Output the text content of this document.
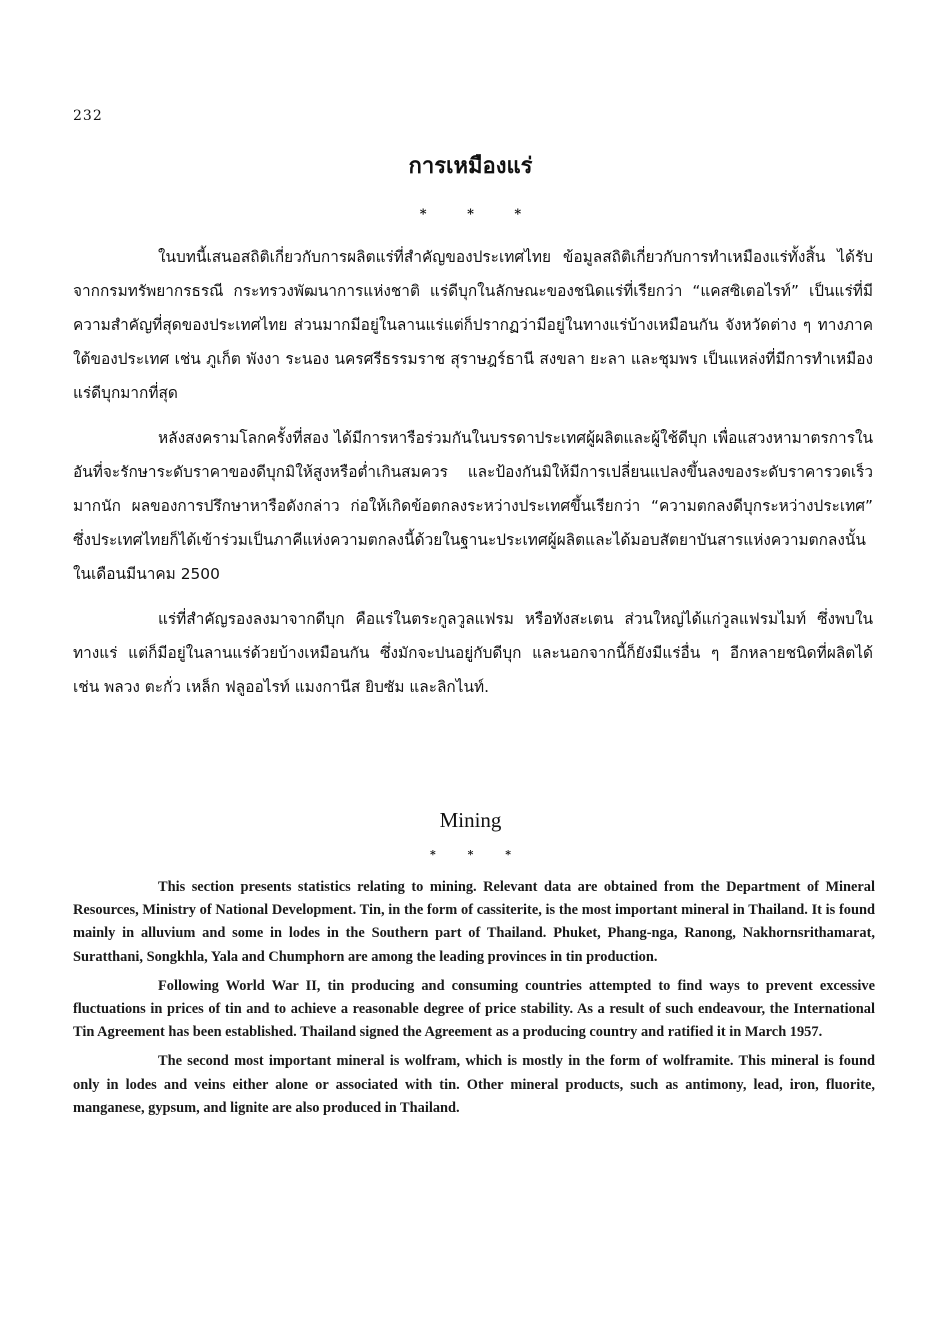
232
การเหมืองแร่
* * *

ในบทนี้เสนอสถิติเกี่ยวกับการผลิตแร่ที่สำคัญของประเทศไทย ข้อมูลสถิติเกี่ยวกับการทำเหมืองแร่ทั้งสิ้น ได้รับจากกรมทรัพยากรธรณี กระทรวงพัฒนาการแห่งชาติ แร่ดีบุกในลักษณะของชนิดแร่ที่เรียกว่า “แคสซิเตอไรท์” เป็นแร่ที่มีความสำคัญที่สุดของประเทศไทย ส่วนมากมีอยู่ในลานแร่แต่ก็ปรากฏว่ามีอยู่ในทางแร่บ้างเหมือนกัน จังหวัดต่าง ๆ ทางภาคใต้ของประเทศ เช่น ภูเก็ต พังงา ระนอง นครศรีธรรมราช สุราษฎร์ธานี สงขลา ยะลา และชุมพร เป็นแหล่งที่มีการทำเหมืองแร่ดีบุกมากที่สุด

หลังสงครามโลกครั้งที่สอง ได้มีการหารือร่วมกันในบรรดาประเทศผู้ผลิตและผู้ใช้ดีบุก เพื่อแสวงหามาตรการในอันที่จะรักษาระดับราคาของดีบุกมิให้สูงหรือต่ำเกินสมควร และป้องกันมิให้มีการเปลี่ยนแปลงขึ้นลงของระดับราคารวดเร็วมากนัก ผลของการปรึกษาหารือดังกล่าว ก่อให้เกิดข้อตกลงระหว่างประเทศขึ้นเรียกว่า “ความตกลงดีบุกระหว่างประเทศ” ซึ่งประเทศไทยก็ได้เข้าร่วมเป็นภาคีแห่งความตกลงนี้ด้วยในฐานะประเทศผู้ผลิตและได้มอบสัตยาบันสารแห่งความตกลงนั้นในเดือนมีนาคม 2500

แร่ที่สำคัญรองลงมาจากดีบุก คือแร่ในตระกูลวูลแฟรม หรือทังสะเตน ส่วนใหญ่ได้แก่วูลแฟรมไมท์ ซึ่งพบในทางแร่ แต่ก็มีอยู่ในลานแร่ด้วยบ้างเหมือนกัน ซึ่งมักจะปนอยู่กับดีบุก และนอกจากนี้ก็ยังมีแร่อื่น ๆ อีกหลายชนิดที่ผลิตได้ เช่น พลวง ตะกั่ว เหล็ก ฟลูออไรท์ แมงกานีส ยิบซัม และลิกไนท์.

Mining
* * *

This section presents statistics relating to mining. Relevant data are obtained from the Department of Mineral Resources, Ministry of National Development. Tin, in the form of cassiterite, is the most important mineral in Thailand. It is found mainly in alluvium and some in lodes in the Southern part of Thailand. Phuket, Phang-nga, Ranong, Nakhornsrithamarat, Suratthani, Songkhla, Yala and Chumphorn are among the leading provinces in tin production.

Following World War II, tin producing and consuming countries attempted to find ways to prevent excessive fluctuations in prices of tin and to achieve a reasonable degree of price stability. As a result of such endeavour, the International Tin Agreement has been established. Thailand signed the Agreement as a producing country and ratified it in March 1957.

The second most important mineral is wolfram, which is mostly in the form of wolframite. This mineral is found only in lodes and veins either alone or associated with tin. Other mineral products, such as antimony, lead, iron, fluorite, manganese, gypsum, and lignite are also produced in Thailand.
